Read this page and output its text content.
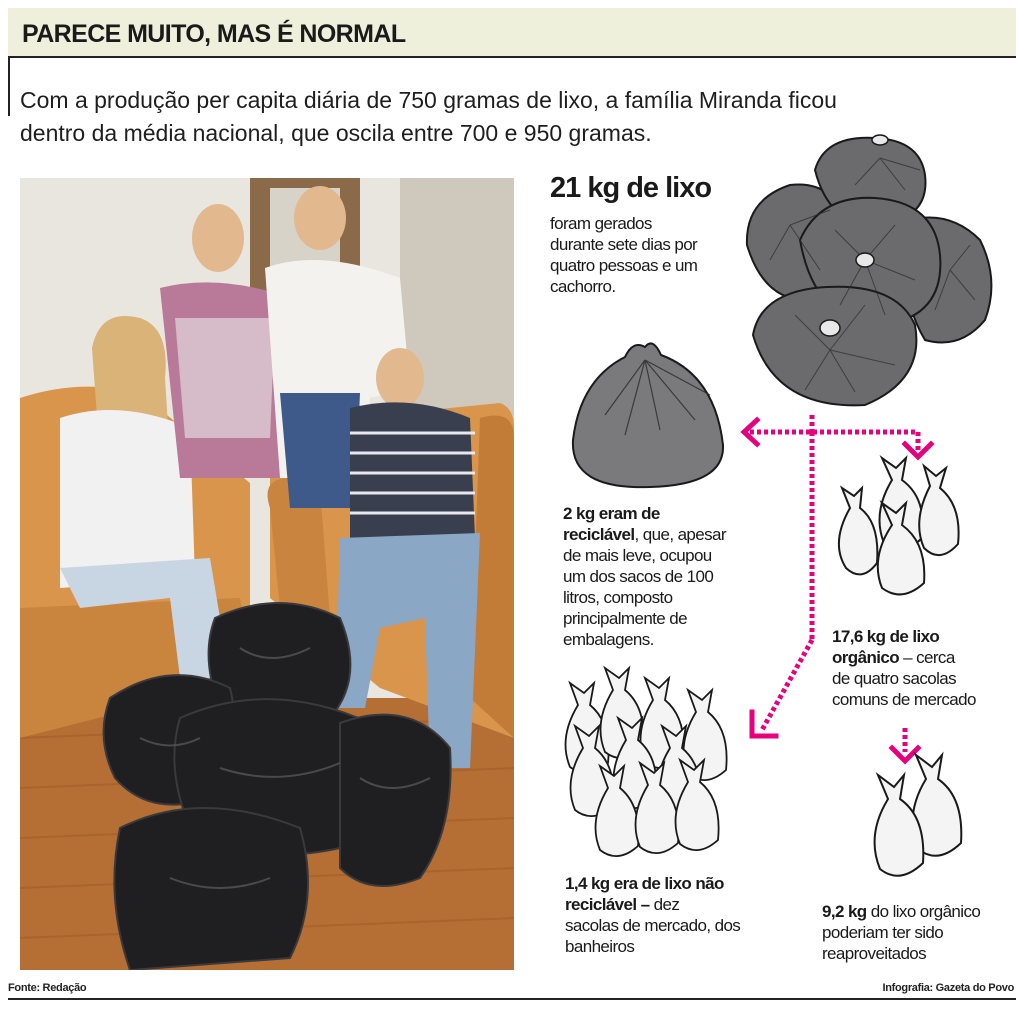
PARECE MUITO, MAS É NORMAL
Com a produção per capita diária de 750 gramas de lixo, a família Miranda ficou
dentro da média nacional, que oscila entre 700 e 950 gramas.
21 kg de lixo
foram gerados
durante sete dias por
quatro pessoas e um
cachorro.
2 kg eram de
reciclável, que, apesar
de mais leve, ocupou
um dos sacos de 100
litros, composto
principalmente de
embalagens.	17,6 kg de lixo
orgânico – cerca
de quatro sacolas
comuns de mercado
1,4 kg era de lixo não
reciclável – dez
sacolas de mercado, dos
banheiros
9,2 kg do lixo orgânico
poderiam ter sido
reaproveitados
Fonte: Redação	Infografia: Gazeta do Povo
